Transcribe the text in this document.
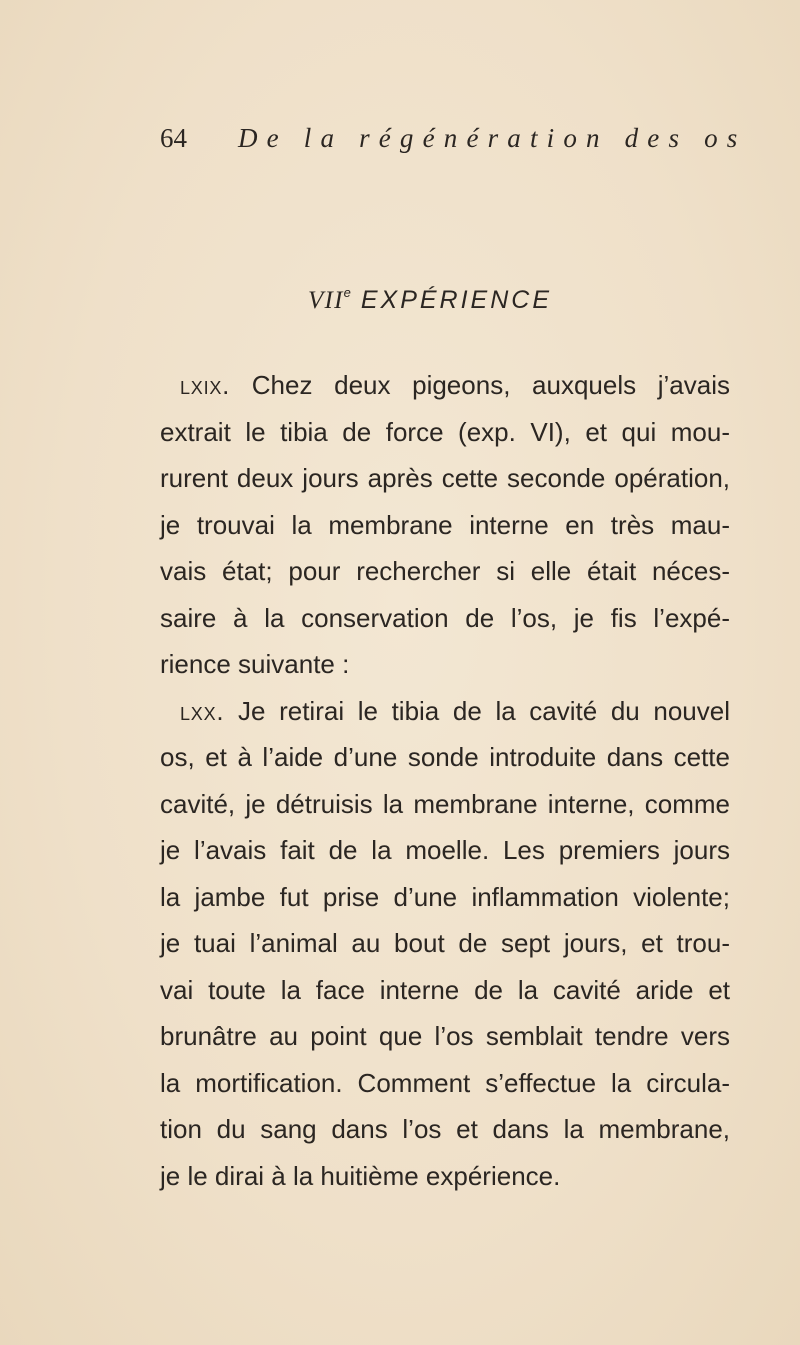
64 De la régénération des os
VIIe EXPÉRIENCE
lxix. Chez deux pigeons, auxquels j’avais
extrait le tibia de force (exp. VI), et qui mou-
rurent deux jours après cette seconde opération,
je trouvai la membrane interne en très mau-
vais état; pour rechercher si elle était néces-
saire à la conservation de l’os, je fis l’expé-
rience suivante :
lxx. Je retirai le tibia de la cavité du nouvel
os, et à l’aide d’une sonde introduite dans cette
cavité, je détruisis la membrane interne, comme
je l’avais fait de la moelle. Les premiers jours
la jambe fut prise d’une inflammation violente;
je tuai l’animal au bout de sept jours, et trou-
vai toute la face interne de la cavité aride et
brunâtre au point que l’os semblait tendre vers
la mortification. Comment s’effectue la circula-
tion du sang dans l’os et dans la membrane,
je le dirai à la huitième expérience.
